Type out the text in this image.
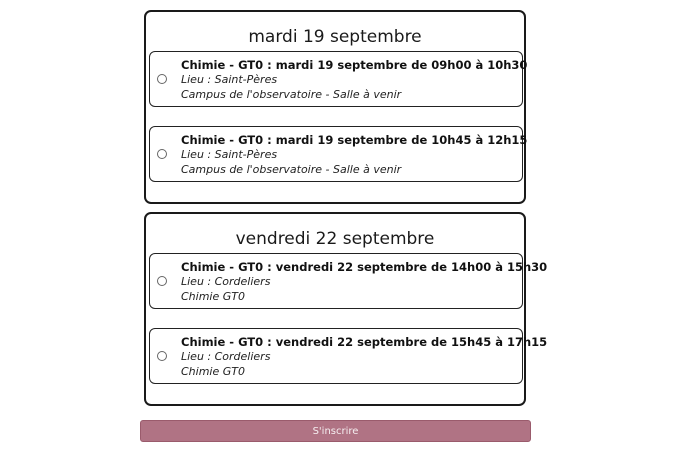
mardi 19 septembre
Chimie - GT0 : mardi 19 septembre de 09h00 à 10h30
Lieu : Saint-Pères
Campus de l'observatoire - Salle à venir
Chimie - GT0 : mardi 19 septembre de 10h45 à 12h15
Lieu : Saint-Pères
Campus de l'observatoire - Salle à venir
vendredi 22 septembre
Chimie - GT0 : vendredi 22 septembre de 14h00 à 15h30
Lieu : Cordeliers
Chimie GT0
Chimie - GT0 : vendredi 22 septembre de 15h45 à 17h15
Lieu : Cordeliers
Chimie GT0
S'inscrire
